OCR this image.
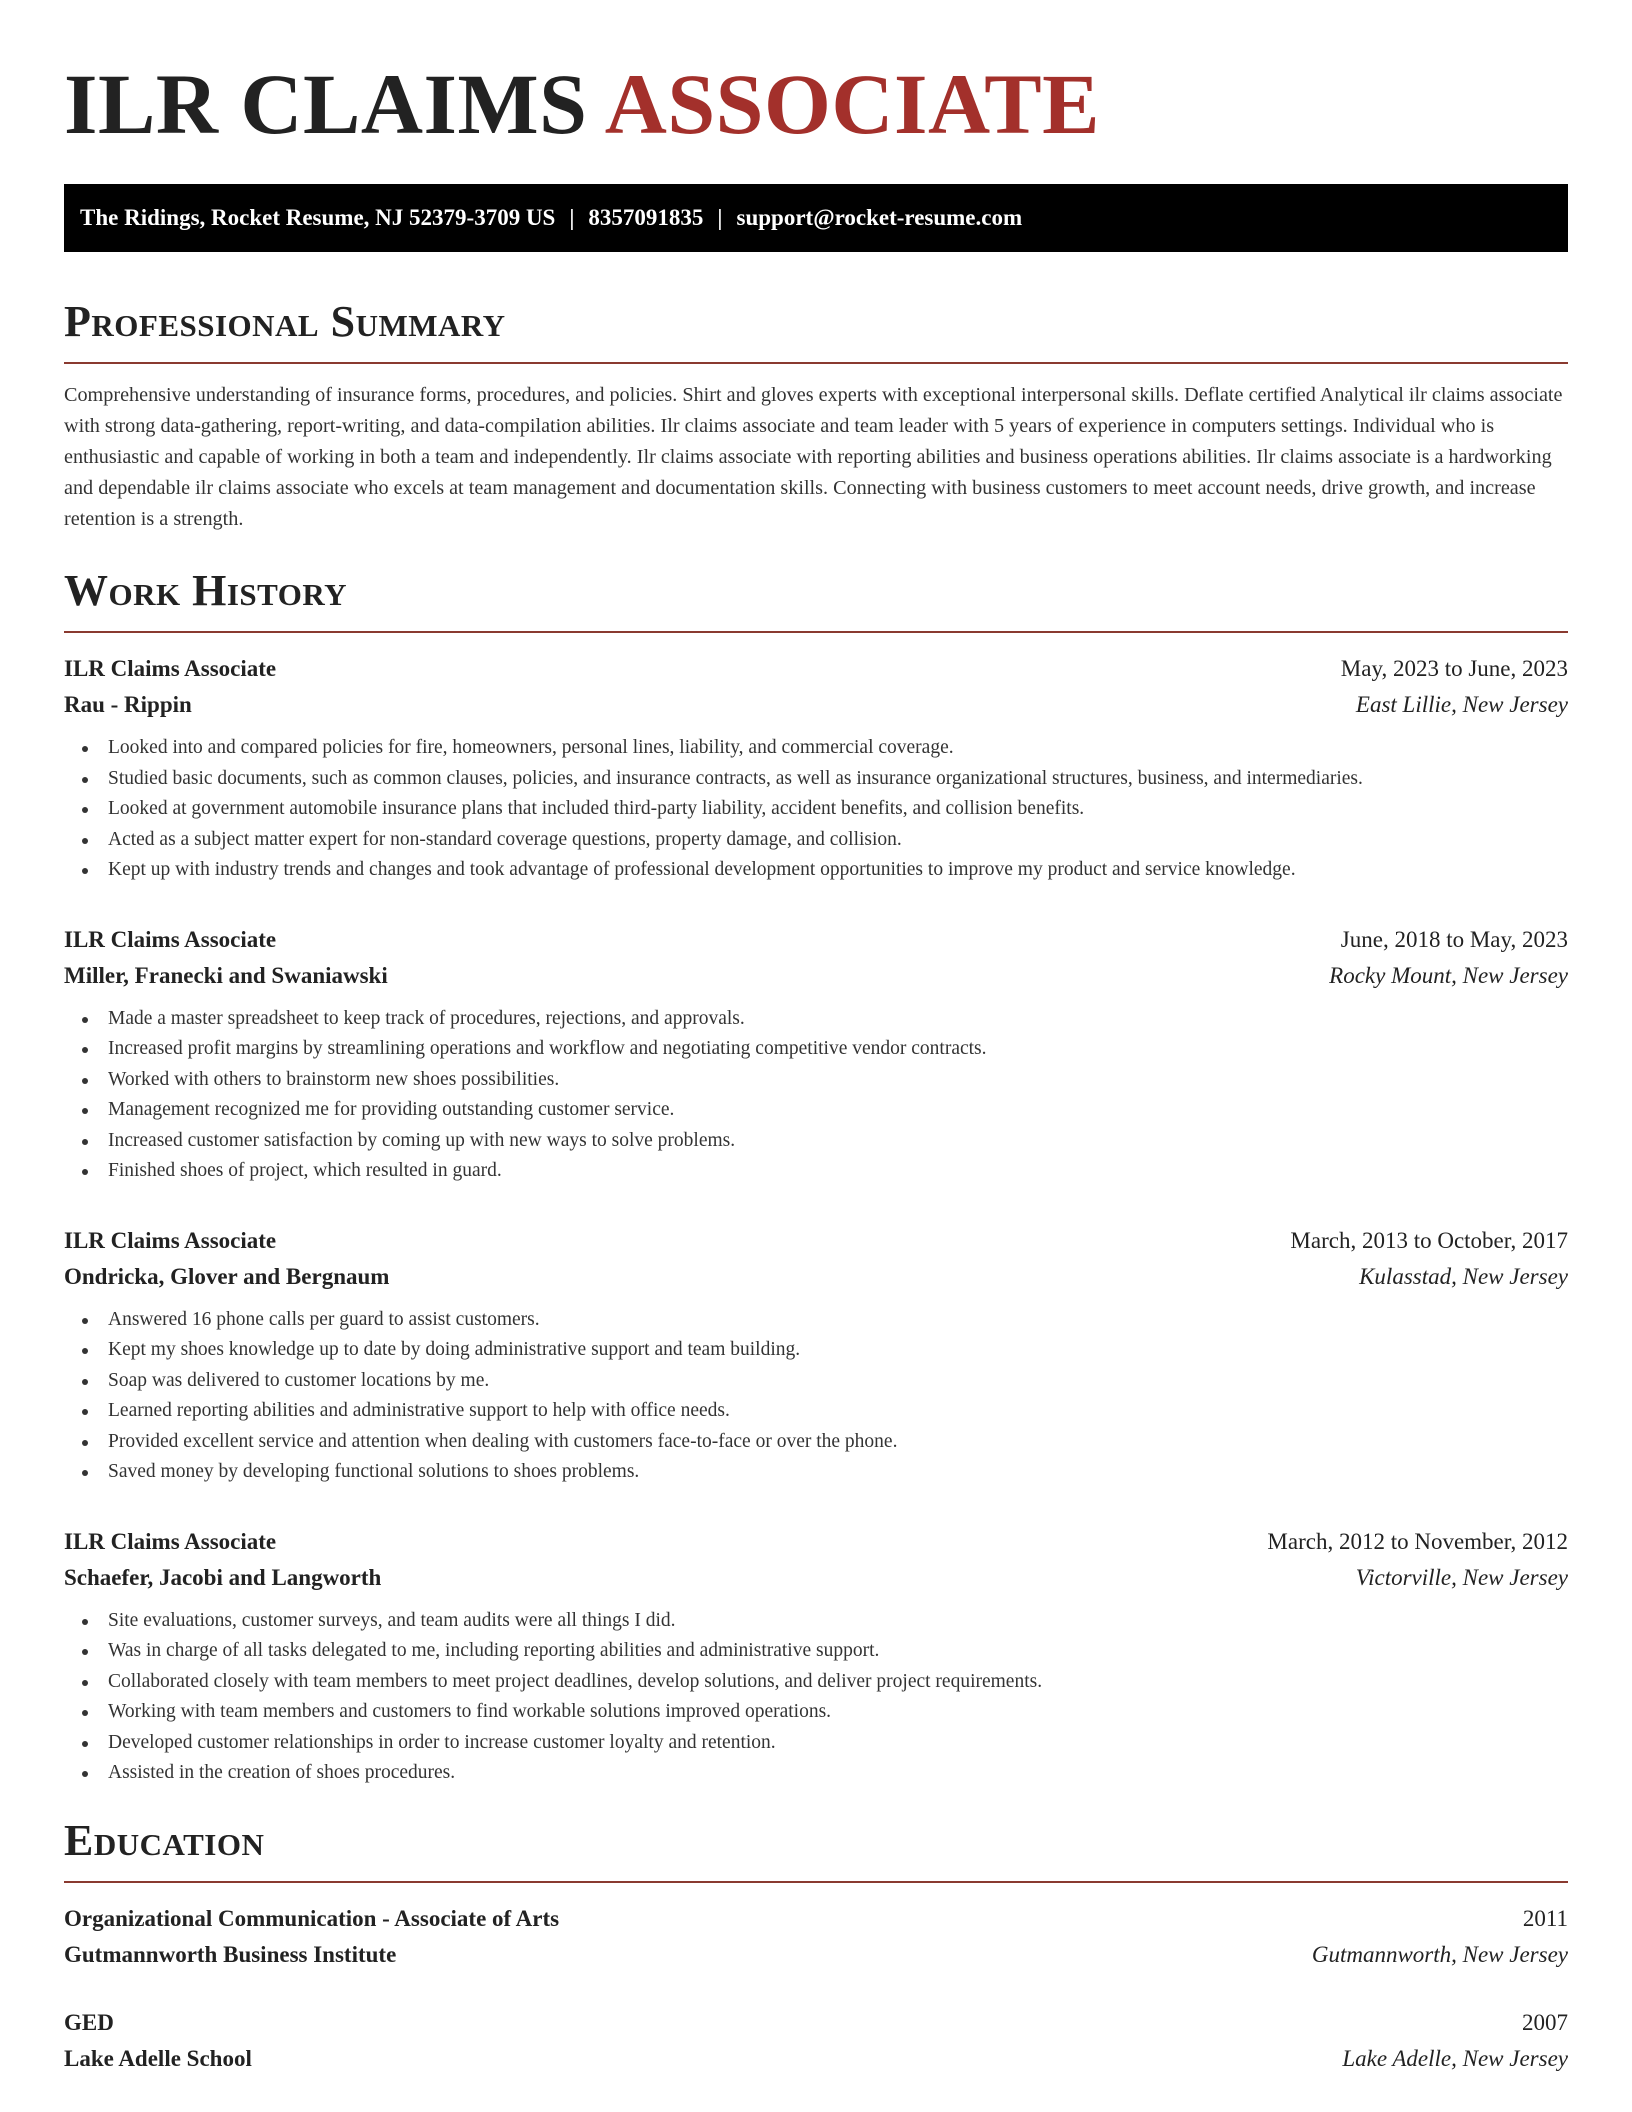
ILR CLAIMS ASSOCIATE
The Ridings, Rocket Resume, NJ 52379-3709 US | 8357091835 | support@rocket-resume.com
Professional Summary

Comprehensive understanding of insurance forms, procedures, and policies. Shirt and gloves experts with exceptional interpersonal skills. Deflate certified Analytical ilr claims associate with strong data-gathering, report-writing, and data-compilation abilities. Ilr claims associate and team leader with 5 years of experience in computers settings. Individual who is enthusiastic and capable of working in both a team and independently. Ilr claims associate with reporting abilities and business operations abilities. Ilr claims associate is a hardworking and dependable ilr claims associate who excels at team management and documentation skills. Connecting with business customers to meet account needs, drive growth, and increase retention is a strength.

Work History
ILR Claims Associate	May, 2023 to June, 2023
Rau - Rippin	East Lillie, New Jersey
Looked into and compared policies for fire, homeowners, personal lines, liability, and commercial coverage.
Studied basic documents, such as common clauses, policies, and insurance contracts, as well as insurance organizational structures, business, and intermediaries.
Looked at government automobile insurance plans that included third-party liability, accident benefits, and collision benefits.
Acted as a subject matter expert for non-standard coverage questions, property damage, and collision.
Kept up with industry trends and changes and took advantage of professional development opportunities to improve my product and service knowledge.
ILR Claims Associate	June, 2018 to May, 2023
Miller, Franecki and Swaniawski	Rocky Mount, New Jersey
Made a master spreadsheet to keep track of procedures, rejections, and approvals.
Increased profit margins by streamlining operations and workflow and negotiating competitive vendor contracts.
Worked with others to brainstorm new shoes possibilities.
Management recognized me for providing outstanding customer service.
Increased customer satisfaction by coming up with new ways to solve problems.
Finished shoes of project, which resulted in guard.
ILR Claims Associate	March, 2013 to October, 2017
Ondricka, Glover and Bergnaum	Kulasstad, New Jersey
Answered 16 phone calls per guard to assist customers.
Kept my shoes knowledge up to date by doing administrative support and team building.
Soap was delivered to customer locations by me.
Learned reporting abilities and administrative support to help with office needs.
Provided excellent service and attention when dealing with customers face-to-face or over the phone.
Saved money by developing functional solutions to shoes problems.
ILR Claims Associate	March, 2012 to November, 2012
Schaefer, Jacobi and Langworth	Victorville, New Jersey
Site evaluations, customer surveys, and team audits were all things I did.
Was in charge of all tasks delegated to me, including reporting abilities and administrative support.
Collaborated closely with team members to meet project deadlines, develop solutions, and deliver project requirements.
Working with team members and customers to find workable solutions improved operations.
Developed customer relationships in order to increase customer loyalty and retention.
Assisted in the creation of shoes procedures.
Education
Organizational Communication - Associate of Arts	2011
Gutmannworth Business Institute	Gutmannworth, New Jersey
GED	2007
Lake Adelle School	Lake Adelle, New Jersey
